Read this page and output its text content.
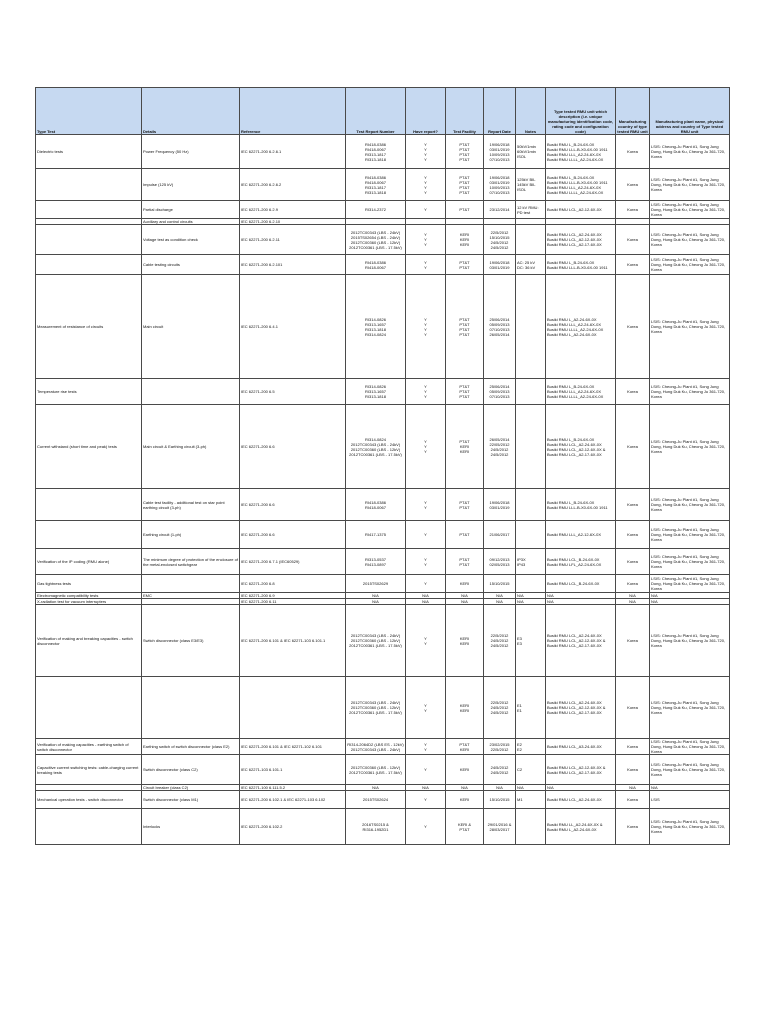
Type Test	Details	Reference	Test Report Number	Have report?	Test Facility	Report Date	Notes	Type tested RMU unit which description (i.e. unique manufacturing identification code, rating code and configuration code)	Manufacturing country of type tested RMU unit	Manufacturing plant name, physical address and country of Type tested RMU unit
Dielectric tests	Power Frequency (50 Hz)	IEC 62271-200 6.2.6.1	RI418-0386
RI418-0067
RI313-1817
RI313-1818	Y
Y
Y
Y	PT&T
PT&T
PT&T
PT&T	19/06/2018
03/01/2019
10/09/2013
07/10/2013	50kV/1min
60kV/1min ISOL	Busiki RMU L_B-24-6X-0X
Busiki RMU LLL-B-X0-6X-00 1911
Busiki RMU LLL_A2-24-6X-0X
Busiki RMU LLLL_A2-24-6X-0X	Korea	LSIS: Cheong-Ju Plant #1, Song Jung Dong, Hung Duk Ku, Cheong Ju 361-720, Korea
	Impulse (125 kV)	IEC 62271-200 6.2.6.2	RI418-0386
RI418-0067
RI313-1817
RI313-1818	Y
Y
Y
Y	PT&T
PT&T
PT&T
PT&T	19/06/2018
03/01/2019
10/09/2013
07/10/2013	125kV BIL
145kV BIL ISOL	Busiki RMU L_B-24-6X-0X
Busiki RMU LLL-B-X0-6X-00 1911
Busiki RMU LLL_A2-24-6X-0X
Busiki RMU LLLL_A2-24-6X-0X	Korea	LSIS: Cheong-Ju Plant #1, Song Jung Dong, Hung Duk Ku, Cheong Ju 361-720, Korea
	Partial discharge	IEC 62271-200 6.2.9	RI314-2372	Y	PT&T	23/12/2014	12 kV RMU: PD test	Busiki RMU LCL_A2-12-6X-0X	Korea	LSIS: Cheong-Ju Plant #1, Song Jung Dong, Hung Duk Ku, Cheong Ju 361-720, Korea
	Auxiliary and control circuits	IEC 62271-200 6.2.10								
	Voltage test as condition check	IEC 62271-200 6.2.11	2012TC00343 (LBS - 24kV)
2015TS02654 (LBS - 24kV)
2012TC00360 (LBS - 12kV)
2012TC00361 (LBS - 17.5kV)	Y
Y
Y	KERI
KERI
KERI	22/5/2012
15/10/2015
24/5/2012
24/5/2012		Busiki RMU LCL_A2-24-6X-0X
Busiki RMU LCL_A2-12-6X-0X
Busiki RMU LCL_A2-17-6X-0X	Korea	LSIS: Cheong-Ju Plant #1, Song Jung Dong, Hung Duk Ku, Cheong Ju 361-720, Korea
	Cable testing circuits	IEC 62271-200 6.2.101	RI418-0386
RI418-0067	Y
Y	PT&T
PT&T	19/06/2018
03/01/2019	AC: 25 kV
DC: 36 kV	Busiki RMU L_B-24-6X-0X
Busiki RMU LLL-B-X0-6X-00 1911	Korea	LSIS: Cheong-Ju Plant #1, Song Jung Dong, Hung Duk Ku, Cheong Ju 361-720, Korea
Measurement of resistance of circuits	Main circuit	IEC 62271-200 6.4.1	RI314-0826
RI313-1657
RI313-1818
RI314-0824	Y
Y
Y
Y	PT&T
PT&T
PT&T
PT&T	25/06/2014
05/09/2013
07/10/2013
26/05/2014		Busiki RMU L_A2-24-6X-0X
Busiki RMU LLL_A2-24-6X-0X
Busiki RMU LLLL_A2-24-6X-0X
Busiki RMU L_A2-24-6X-0X	Korea	LSIS: Cheong-Ju Plant #1, Song Jung Dong, Hung Duk Ku, Cheong Ju 361-720, Korea
Temperature rise tests		IEC 62271-200 6.5	RI314-0826
RI313-1657
RI313-1818	Y
Y
Y	PT&T
PT&T
PT&T	25/06/2014
05/09/2013
07/10/2013		Busiki RMU L_B-24-6X-0X
Busiki RMU LLL_A2-24-6X-0X
Busiki RMU LLLL_A2-24-6X-0X	Korea	LSIS: Cheong-Ju Plant #1, Song Jung Dong, Hung Duk Ku, Cheong Ju 361-720, Korea
Current withstand (short time and peak) tests	Main circuit & Earthing circuit (3-ph)	IEC 62271-200 6.6	RI314-0824
2012TC00343 (LBS - 24kV)
2012TC00360 (LBS - 12kV)
2012TC00361 (LBS - 17.5kV)	Y
Y
Y	PT&T
KERI
KERI	26/05/2014
22/05/2012
24/5/2012
24/5/2012		Busiki RMU L_B-24-6X-0X
Busiki RMU LCL_A2-24-6X-0X
Busiki RMU LCL_A2-12-6X-0X &
Busiki RMU LCL_A2-17-6X-0X	Korea	LSIS: Cheong-Ju Plant #1, Song Jung Dong, Hung Duk Ku, Cheong Ju 361-720, Korea
	Cable test facility - additional test on star point earthing circuit (3-ph)	IEC 62271-200 6.6	RI418-0386
RI418-0067	Y
Y	PT&T
PT&T	19/06/2018
03/01/2019		Busiki RMU L_B-24-6X-0X
Busiki RMU LLL-B-X0-6X-00 1911	Korea	LSIS: Cheong-Ju Plant #1, Song Jung Dong, Hung Duk Ku, Cheong Ju 361-720, Korea
	Earthing circuit (1-ph)	IEC 62271-200 6.6	RI417-1375	Y	PT&T	21/06/2017		Busiki RMU LLL_A2-12-6X-0X	Korea	LSIS: Cheong-Ju Plant #1, Song Jung Dong, Hung Duk Ku, Cheong Ju 361-720, Korea
Verification of the IP coding (RMU alone)	The minimum degree of protection of the enclosure of the metal-enclosed switchgear	IEC 62271-200 6.7.1 (IEC60529)	RI313-0537
RI413-0897	Y
Y	PT&T
PT&T	09/12/2013
02/05/2013	IP3X
IP43	Busiki RMU LCL_B-24-6X-0X
Busiki RMU LFL_A2-24-6X-0X	Korea	LSIS: Cheong-Ju Plant #1, Song Jung Dong, Hung Duk Ku, Cheong Ju 361-720, Korea
Gas tightness tests		IEC 62271-200 6.8	2015TS02629	Y	KERI	15/10/2015		Busiki RMU LCL_B-24-6X-0X	Korea	LSIS: Cheong-Ju Plant #1, Song Jung Dong, Hung Duk Ku, Cheong Ju 361-720, Korea
Electromagnetic compatibility tests	EMC	IEC 62271-200 6.9	N/A	N/A	N/A	N/A	N/A	N/A	N/A	N/A
X-radiation test for vacuum interrupters		IEC 62271-200 6.11	N/A	N/A	N/A	N/A	N/A	N/A	N/A	N/A
Verification of making and breaking capacities - switch disconnector	Switch disconnector (class E3/E3)	IEC 62271-200 6.101 & IEC 62271-103 6.101.1	2012TC00343 (LBS - 24kV)
2012TC00360 (LBS - 12kV)
2012TC00361 (LBS - 17.5kV)	Y
Y	KERI
KERI	22/5/2012
24/5/2012
24/5/2012	E3
E3	Busiki RMU LCL_A2-24-6X-0X
Busiki RMU LCL_A2-12-6X-0X &
Busiki RMU LCL_A2-17-6X-0X	Korea	LSIS: Cheong-Ju Plant #1, Song Jung Dong, Hung Duk Ku, Cheong Ju 361-720, Korea
			2012TC00343 (LBS - 24kV)
2012TC00360 (LBS - 12kV)
2012TC00361 (LBS - 17.5kV)	Y
Y	KERI
KERI	22/5/2012
24/5/2012
24/5/2012	E1
E1	Busiki RMU LCL_A2-24-6X-0X
Busiki RMU LCL_A2-12-6X-0X &
Busiki RMU LCL_A2-17-6X-0X	Korea	LSIS: Cheong-Ju Plant #1, Song Jung Dong, Hung Duk Ku, Cheong Ju 361-720, Korea
Verification of making capacities - earthing switch of switch disconnector	Earthing switch of switch disconnector (class E2)	IEC 62271-200 6.101 & IEC 62271-102 6.101	RI314-2064D2 (LBS ES - 12kV)
2012TC00343 (LBS - 24kV)	Y
Y	PT&T
KERI	23/02/2015
22/5/2012	E2
E2	Busiki RMU LCL_A3-24-6X-0X	Korea	LSIS: Cheong-Ju Plant #1, Song Jung Dong, Hung Duk Ku, Cheong Ju 361-720, Korea
Capacitive current switching tests: cable-charging current breaking tests	Switch disconnector (class C2)	IEC 62271-103 6.101.1	2012TC00360 (LBS - 12kV)
2012TC00361 (LBS - 17.5kV)	Y	KERI	24/5/2012
24/5/2012	C2	Busiki RMU LCL_A2-12-6X-0X &
Busiki RMU LCL_A2-17-6X-0X	Korea	LSIS: Cheong-Ju Plant #1, Song Jung Dong, Hung Duk Ku, Cheong Ju 361-720, Korea
	Circuit breaker (class C2)	IEC 62271-100 6.111.5.2	N/A	N/A	N/A	N/A	N/A	N/A	N/A	N/A
Mechanical operation tests - switch disconnector	Switch disconnector (class M1)	IEC 62271-200 6.102.1 & IEC 62271-103 6.102	2015TS02624	Y	KERI	15/10/2015	M1	Busiki RMU LCL_A2-24-6X-0X	Korea	LSIS
	Interlocks	IEC 62271-200 6.102.2	2016TS0215 &
RI316-1952D1	Y	KERI &
PT&T	29/01/2016 &
28/03/2017		Busiki RMU LL_A2-24-6X-0X &
Busiki RMU L_A2-24-6X-0X	Korea	LSIS: Cheong-Ju Plant #1, Song Jung Dong, Hung Duk Ku, Cheong Ju 361-720, Korea
